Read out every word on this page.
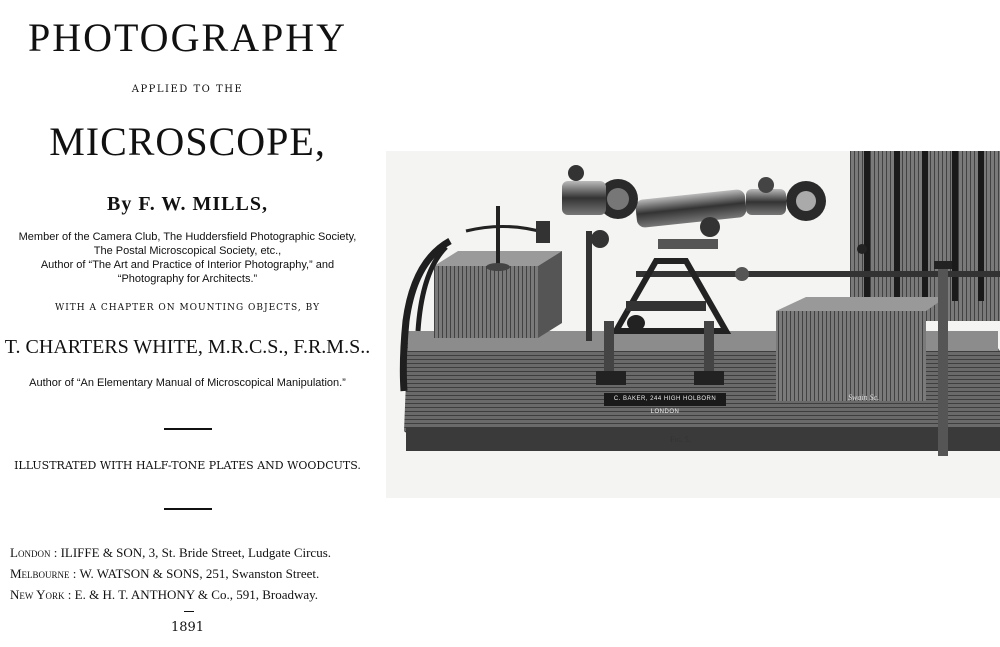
PHOTOGRAPHY

APPLIED TO THE

MICROSCOPE,

By F. W. MILLS,

Member of the Camera Club, The Huddersfield Photographic Society,

The Postal Microscopical Society, etc.,

Author of “The Art and Practice of Interior Photography,” and

“Photography for Architects.”

WITH A CHAPTER ON MOUNTING OBJECTS, BY

T. CHARTERS WHITE, M.R.C.S., F.R.M.S..

Author of “An Elementary Manual of Microscopical Manipulation.”

ILLUSTRATED WITH HALF-TONE PLATES AND WOODCUTS.

London : ILIFFE & SON, 3, St. Bride Street, Ludgate Circus.
Melbourne : W. WATSON & SONS, 251, Swanston Street.
New York : E. & H. T. ANTHONY & Co., 591, Broadway.

1891

C. BAKER, 244 HIGH HOLBORN LONDON
Fig. 5.
Swain Sc.
